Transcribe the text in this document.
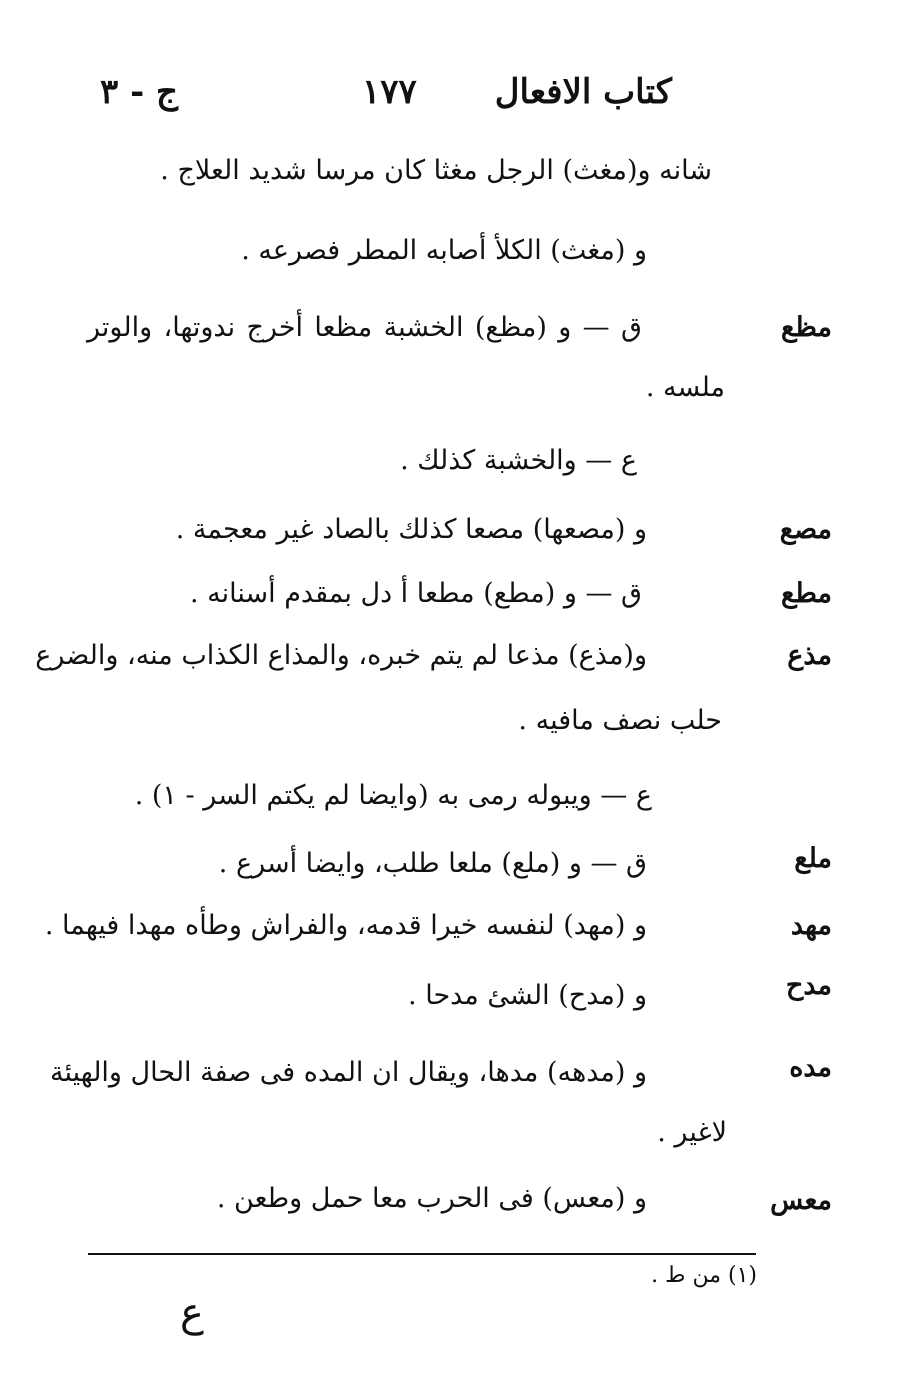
كتاب الافعال
١٧٧
ج - ٣
شانه و(مغث) الرجل مغثا كان مرسا شديد العلاج .
و (مغث) الكلأ أصابه المطر فصرعه .
مظع
ق — و (مظع) الخشبة مظعا أخرج ندوتها، والوتر
ملسه .
ع — والخشبة كذلك .
مصع
و (مصعها) مصعا كذلك بالصاد غير معجمة .
مطع
ق — و (مطع) مطعا أ دل بمقدم أسنانه .
مذع
و(مذع) مذعا لم يتم خبره، والمذاع الكذاب منه، والضرع
حلب نصف مافيه .
ع — ويبوله رمى به (وايضا لم يكتم السر - ١) .
ملع
ق — و (ملع) ملعا طلب، وايضا أسرع .
مهد
و (مهد) لنفسه خيرا قدمه، والفراش وطأه مهدا فيهما .
مدح
و (مدح) الشئ مدحا .
مده
و (مدهه) مدها، ويقال ان المده فى صفة الحال والهيئة
لاغير .
معس
و (معس) فى الحرب معا حمل وطعن .
(١) من ط .
ع
